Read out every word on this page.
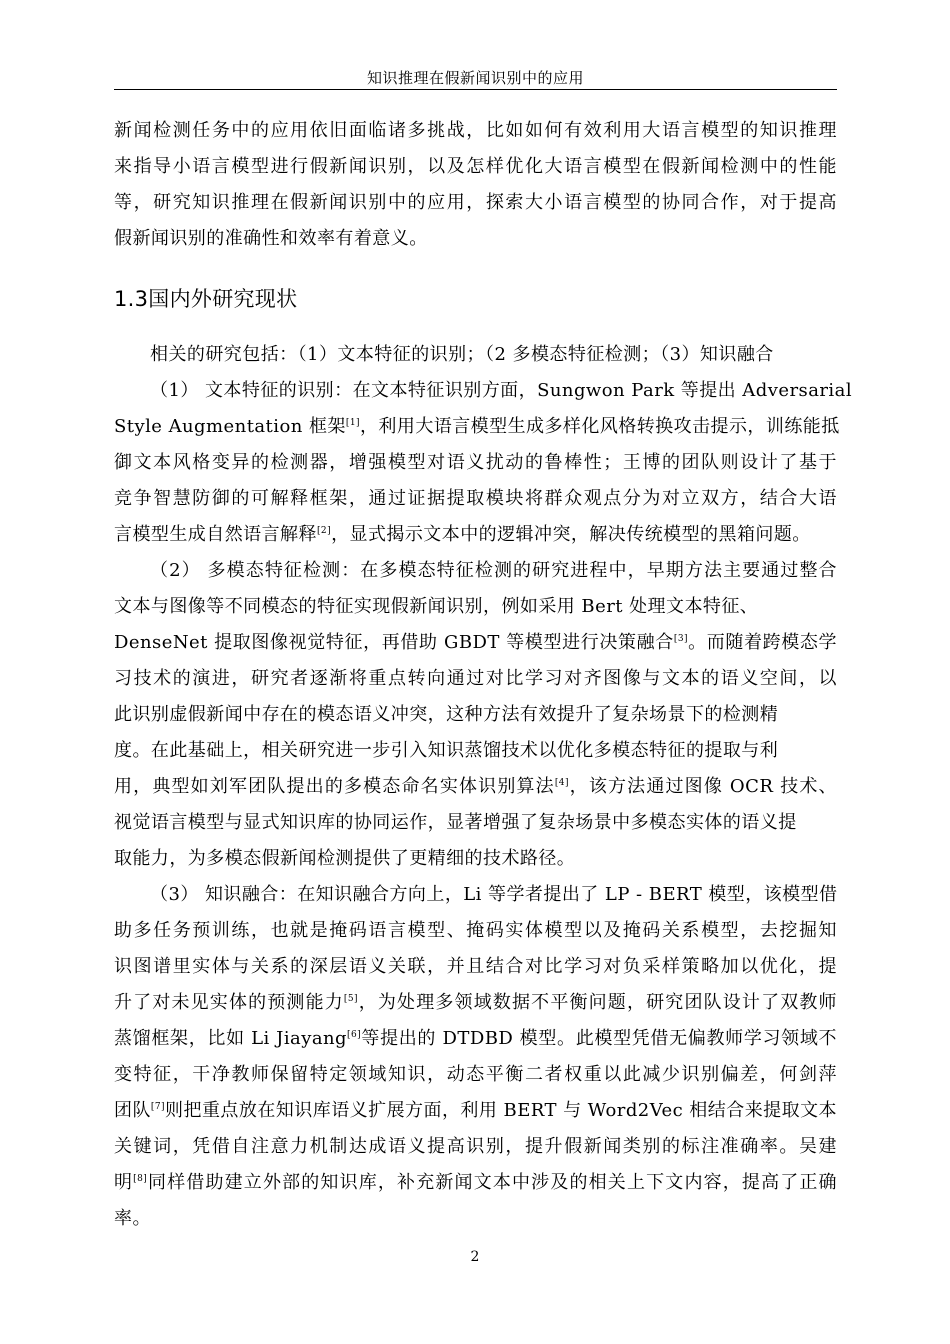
知识推理在假新闻识别中的应用
新闻检测任务中的应用依旧面临诸多挑战，比如如何有效利用大语言模型的知识推理
来指导小语言模型进行假新闻识别，以及怎样优化大语言模型在假新闻检测中的性能
等，研究知识推理在假新闻识别中的应用，探索大小语言模型的协同合作，对于提高
假新闻识别的准确性和效率有着意义。
1.3国内外研究现状
相关的研究包括：（1）文本特征的识别；（2 多模态特征检测；（3）知识融合
（1） 文本特征的识别：在文本特征识别方面，Sungwon Park 等提出 Adversarial
Style Augmentation 框架[1]，利用大语言模型生成多样化风格转换攻击提示，训练能抵
御文本风格变异的检测器，增强模型对语义扰动的鲁棒性；王博的团队则设计了基于
竞争智慧防御的可解释框架，通过证据提取模块将群众观点分为对立双方，结合大语
言模型生成自然语言解释[2]，显式揭示文本中的逻辑冲突，解决传统模型的黑箱问题。
（2） 多模态特征检测：在多模态特征检测的研究进程中，早期方法主要通过整合
文本与图像等不同模态的特征实现假新闻识别，例如采用 Bert 处理文本特征、
DenseNet 提取图像视觉特征，再借助 GBDT 等模型进行决策融合[3]。而随着跨模态学
习技术的演进，研究者逐渐将重点转向通过对比学习对齐图像与文本的语义空间，以
此识别虚假新闻中存在的模态语义冲突，这种方法有效提升了复杂场景下的检测精
度。在此基础上，相关研究进一步引入知识蒸馏技术以优化多模态特征的提取与利
用，典型如刘军团队提出的多模态命名实体识别算法[4]，该方法通过图像 OCR 技术、
视觉语言模型与显式知识库的协同运作，显著增强了复杂场景中多模态实体的语义提
取能力，为多模态假新闻检测提供了更精细的技术路径。
（3） 知识融合：在知识融合方向上，Li 等学者提出了 LP - BERT 模型，该模型借
助多任务预训练，也就是掩码语言模型、掩码实体模型以及掩码关系模型，去挖掘知
识图谱里实体与关系的深层语义关联，并且结合对比学习对负采样策略加以优化，提
升了对未见实体的预测能力[5]，为处理多领域数据不平衡问题，研究团队设计了双教师
蒸馏框架，比如 Li Jiayang[6]等提出的 DTDBD 模型。此模型凭借无偏教师学习领域不
变特征，干净教师保留特定领域知识，动态平衡二者权重以此减少识别偏差，何剑萍
团队[7]则把重点放在知识库语义扩展方面，利用 BERT 与 Word2Vec 相结合来提取文本
关键词，凭借自注意力机制达成语义提高识别，提升假新闻类别的标注准确率。吴建
明[8]同样借助建立外部的知识库，补充新闻文本中涉及的相关上下文内容，提高了正确
率。
2
